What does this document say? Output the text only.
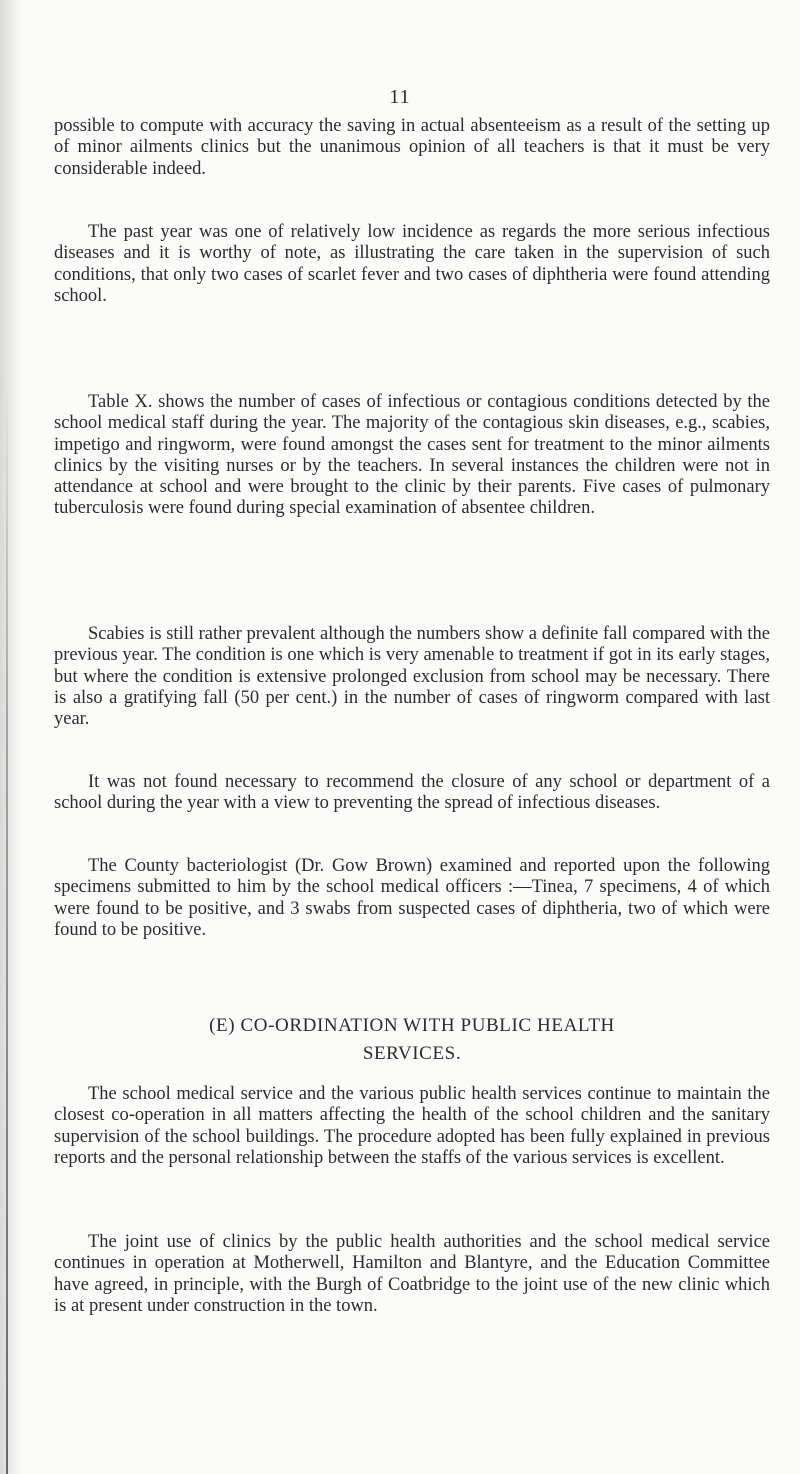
11

possible to compute with accuracy the saving in actual absenteeism as a result of the setting up of minor ailments clinics but the unanimous opinion of all teachers is that it must be very considerable indeed.

The past year was one of relatively low incidence as regards the more serious infectious diseases and it is worthy of note, as illustrating the care taken in the supervision of such conditions, that only two cases of scarlet fever and two cases of diphtheria were found attending school.

Table X. shows the number of cases of infectious or contagious conditions detected by the school medical staff during the year. The majority of the contagious skin diseases, e.g., scabies, impetigo and ringworm, were found amongst the cases sent for treatment to the minor ailments clinics by the visiting nurses or by the teachers. In several instances the children were not in attendance at school and were brought to the clinic by their parents. Five cases of pulmonary tuberculosis were found during special examination of absentee children.

Scabies is still rather prevalent although the numbers show a definite fall compared with the previous year. The condition is one which is very amenable to treatment if got in its early stages, but where the condition is extensive prolonged exclusion from school may be necessary. There is also a gratifying fall (50 per cent.) in the number of cases of ringworm compared with last year.

It was not found necessary to recommend the closure of any school or department of a school during the year with a view to preventing the spread of infectious diseases.

The County bacteriologist (Dr. Gow Brown) examined and reported upon the following specimens submitted to him by the school medical officers :—Tinea, 7 specimens, 4 of which were found to be positive, and 3 swabs from suspected cases of diphtheria, two of which were found to be positive.

(E) CO-ORDINATION WITH PUBLIC HEALTH
SERVICES.

The school medical service and the various public health services continue to maintain the closest co-operation in all matters affecting the health of the school children and the sanitary supervision of the school buildings. The procedure adopted has been fully explained in previous reports and the personal relationship between the staffs of the various services is excellent.

The joint use of clinics by the public health authorities and the school medical service continues in operation at Motherwell, Hamilton and Blantyre, and the Education Committee have agreed, in principle, with the Burgh of Coatbridge to the joint use of the new clinic which is at present under construction in the town.
